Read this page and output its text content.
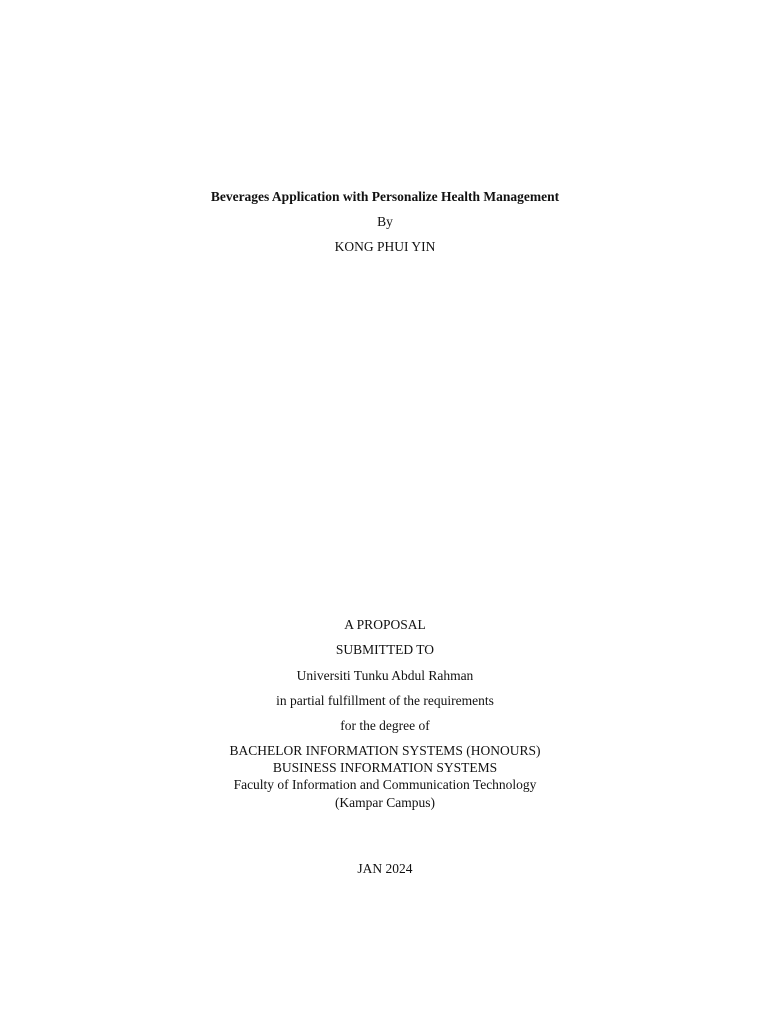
Beverages Application with Personalize Health Management
By
KONG PHUI YIN
A PROPOSAL
SUBMITTED TO
Universiti Tunku Abdul Rahman
in partial fulfillment of the requirements
for the degree of
BACHELOR INFORMATION SYSTEMS (HONOURS)
BUSINESS INFORMATION SYSTEMS
Faculty of Information and Communication Technology
(Kampar Campus)
JAN 2024
